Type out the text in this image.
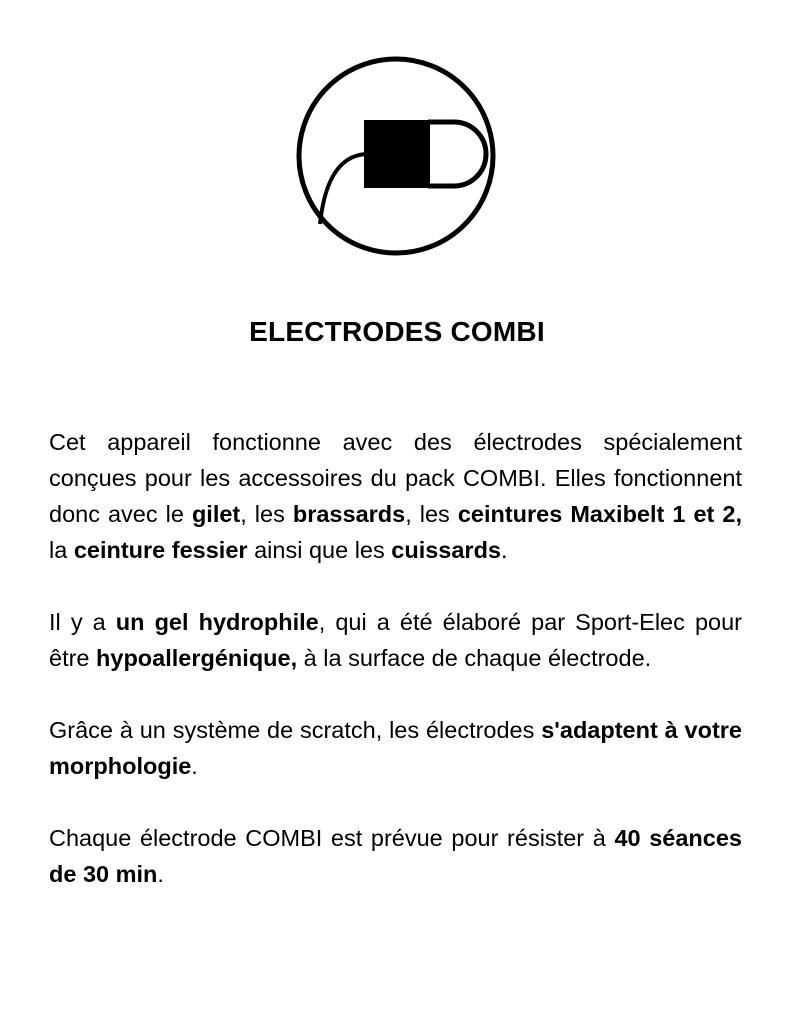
ELECTRODES COMBI

Cet appareil fonctionne avec des électrodes spécialement conçues pour les accessoires du pack COMBI. Elles fonctionnent donc avec le gilet, les brassards, les ceintures Maxibelt 1 et 2, la ceinture fessier ainsi que les cuissards.

Il y a un gel hydrophile, qui a été élaboré par Sport-Elec pour être hypoallergénique, à la surface de chaque électrode.

Grâce à un système de scratch, les électrodes s'adaptent à votre morphologie.

Chaque électrode COMBI est prévue pour résister à 40 séances de 30 min.
